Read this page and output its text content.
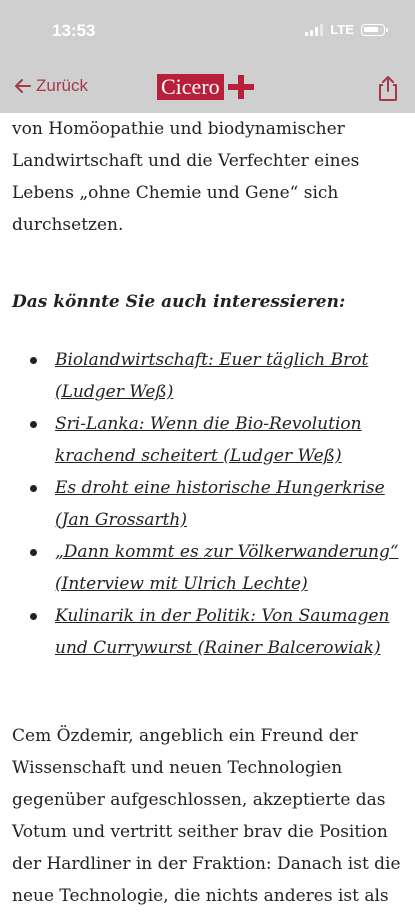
13:53	LTE
Zurück	Cicero

von Homöopathie und biodynamischer Landwirtschaft und die Verfechter eines Lebens „ohne Chemie und Gene“ sich durchsetzen.

Das könnte Sie auch interessieren:

Biolandwirtschaft: Euer täglich Brot (Ludger Weß)
Sri-Lanka: Wenn die Bio-Revolution krachend scheitert (Ludger Weß)
Es droht eine historische Hungerkrise (Jan Grossarth)
„Dann kommt es zur Völkerwanderung“ (Interview mit Ulrich Lechte)
Kulinarik in der Politik: Von Saumagen und Currywurst (Rainer Balcerowiak)

Cem Özdemir, angeblich ein Freund der Wissenschaft und neuen Technologien gegenüber aufgeschlossen, akzeptierte das Votum und vertritt seither brav die Position der Hardliner in der Fraktion: Danach ist die neue Technologie, die nichts anderes ist als
